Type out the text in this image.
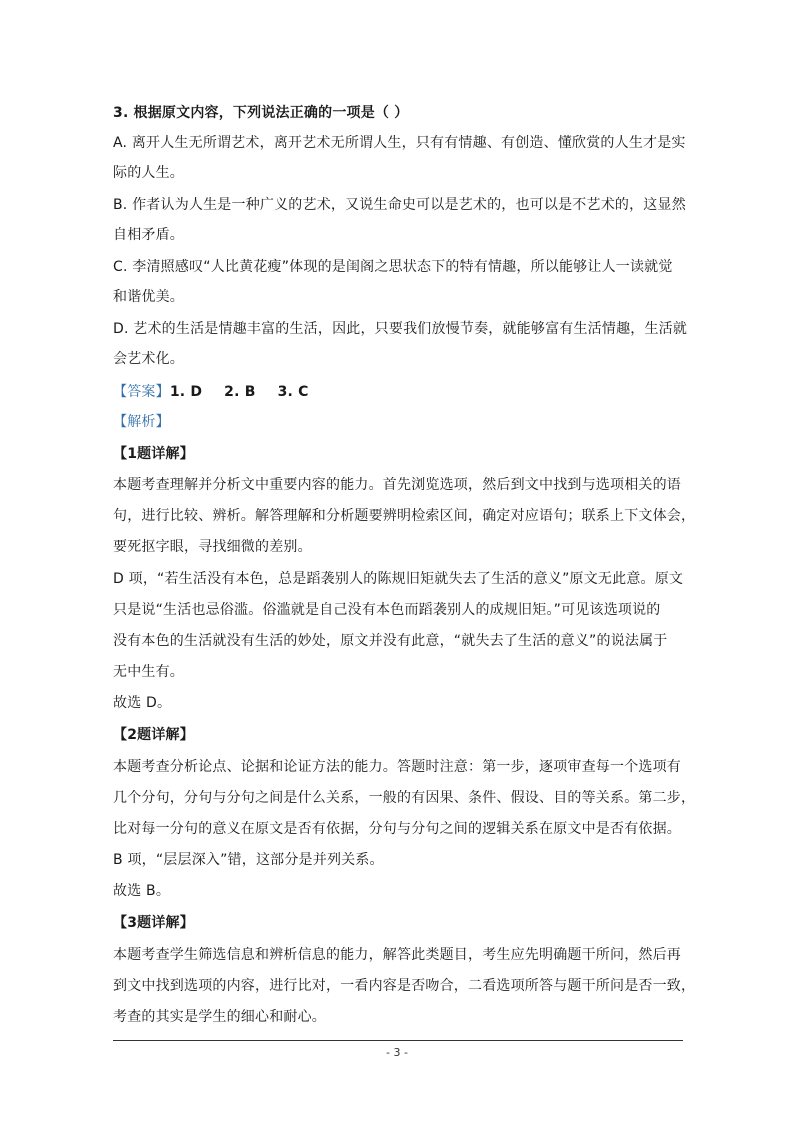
3. 根据原文内容，下列说法正确的一项是（ ）
A. 离开人生无所谓艺术，离开艺术无所谓人生，只有有情趣、有创造、懂欣赏的人生才是实
际的人生。
B. 作者认为人生是一种广义的艺术，又说生命史可以是艺术的，也可以是不艺术的，这显然
自相矛盾。
C. 李清照感叹“人比黄花瘦”体现的是闺阁之思状态下的特有情趣，所以能够让人一读就觉
和谐优美。
D. 艺术的生活是情趣丰富的生活，因此，只要我们放慢节奏，就能够富有生活情趣，生活就
会艺术化。
【答案】1. D 2. B 3. C
【解析】
【1题详解】
本题考查理解并分析文中重要内容的能力。首先浏览选项，然后到文中找到与选项相关的语
句，进行比较、辨析。解答理解和分析题要辨明检索区间，确定对应语句；联系上下文体会，
要死抠字眼，寻找细微的差别。
D 项，“若生活没有本色，总是蹈袭别人的陈规旧矩就失去了生活的意义”原文无此意。原文
只是说“生活也忌俗滥。俗滥就是自己没有本色而蹈袭别人的成规旧矩。”可见该选项说的
没有本色的生活就没有生活的妙处，原文并没有此意，“就失去了生活的意义”的说法属于
无中生有。
故选 D。
【2题详解】
本题考查分析论点、论据和论证方法的能力。答题时注意：第一步，逐项审查每一个选项有
几个分句，分句与分句之间是什么关系，一般的有因果、条件、假设、目的等关系。第二步，
比对每一分句的意义在原文是否有依据，分句与分句之间的逻辑关系在原文中是否有依据。
B 项，“层层深入”错，这部分是并列关系。
故选 B。
【3题详解】
本题考查学生筛选信息和辨析信息的能力，解答此类题目，考生应先明确题干所问，然后再
到文中找到选项的内容，进行比对，一看内容是否吻合，二看选项所答与题干所问是否一致，
考查的其实是学生的细心和耐心。
- 3 -
